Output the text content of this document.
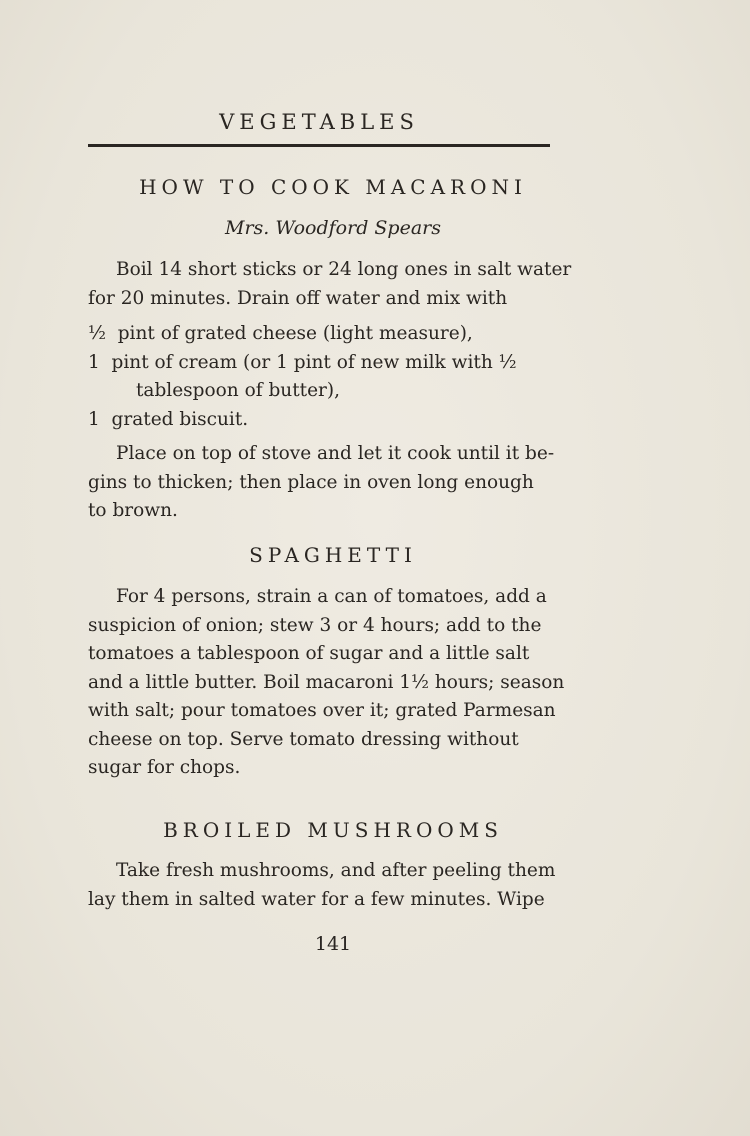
VEGETABLES
HOW TO COOK MACARONI
Mrs. Woodford Spears
Boil 14 short sticks or 24 long ones in salt water
for 20 minutes. Drain off water and mix with
½ pint of grated cheese (light measure),
1 pint of cream (or 1 pint of new milk with ½
tablespoon of butter),
1 grated biscuit.
Place on top of stove and let it cook until it be-
gins to thicken; then place in oven long enough
to brown.
SPAGHETTI
For 4 persons, strain a can of tomatoes, add a
suspicion of onion; stew 3 or 4 hours; add to the
tomatoes a tablespoon of sugar and a little salt
and a little butter. Boil macaroni 1½ hours; season
with salt; pour tomatoes over it; grated Parmesan
cheese on top. Serve tomato dressing without
sugar for chops.
BROILED MUSHROOMS
Take fresh mushrooms, and after peeling them
lay them in salted water for a few minutes. Wipe
141
